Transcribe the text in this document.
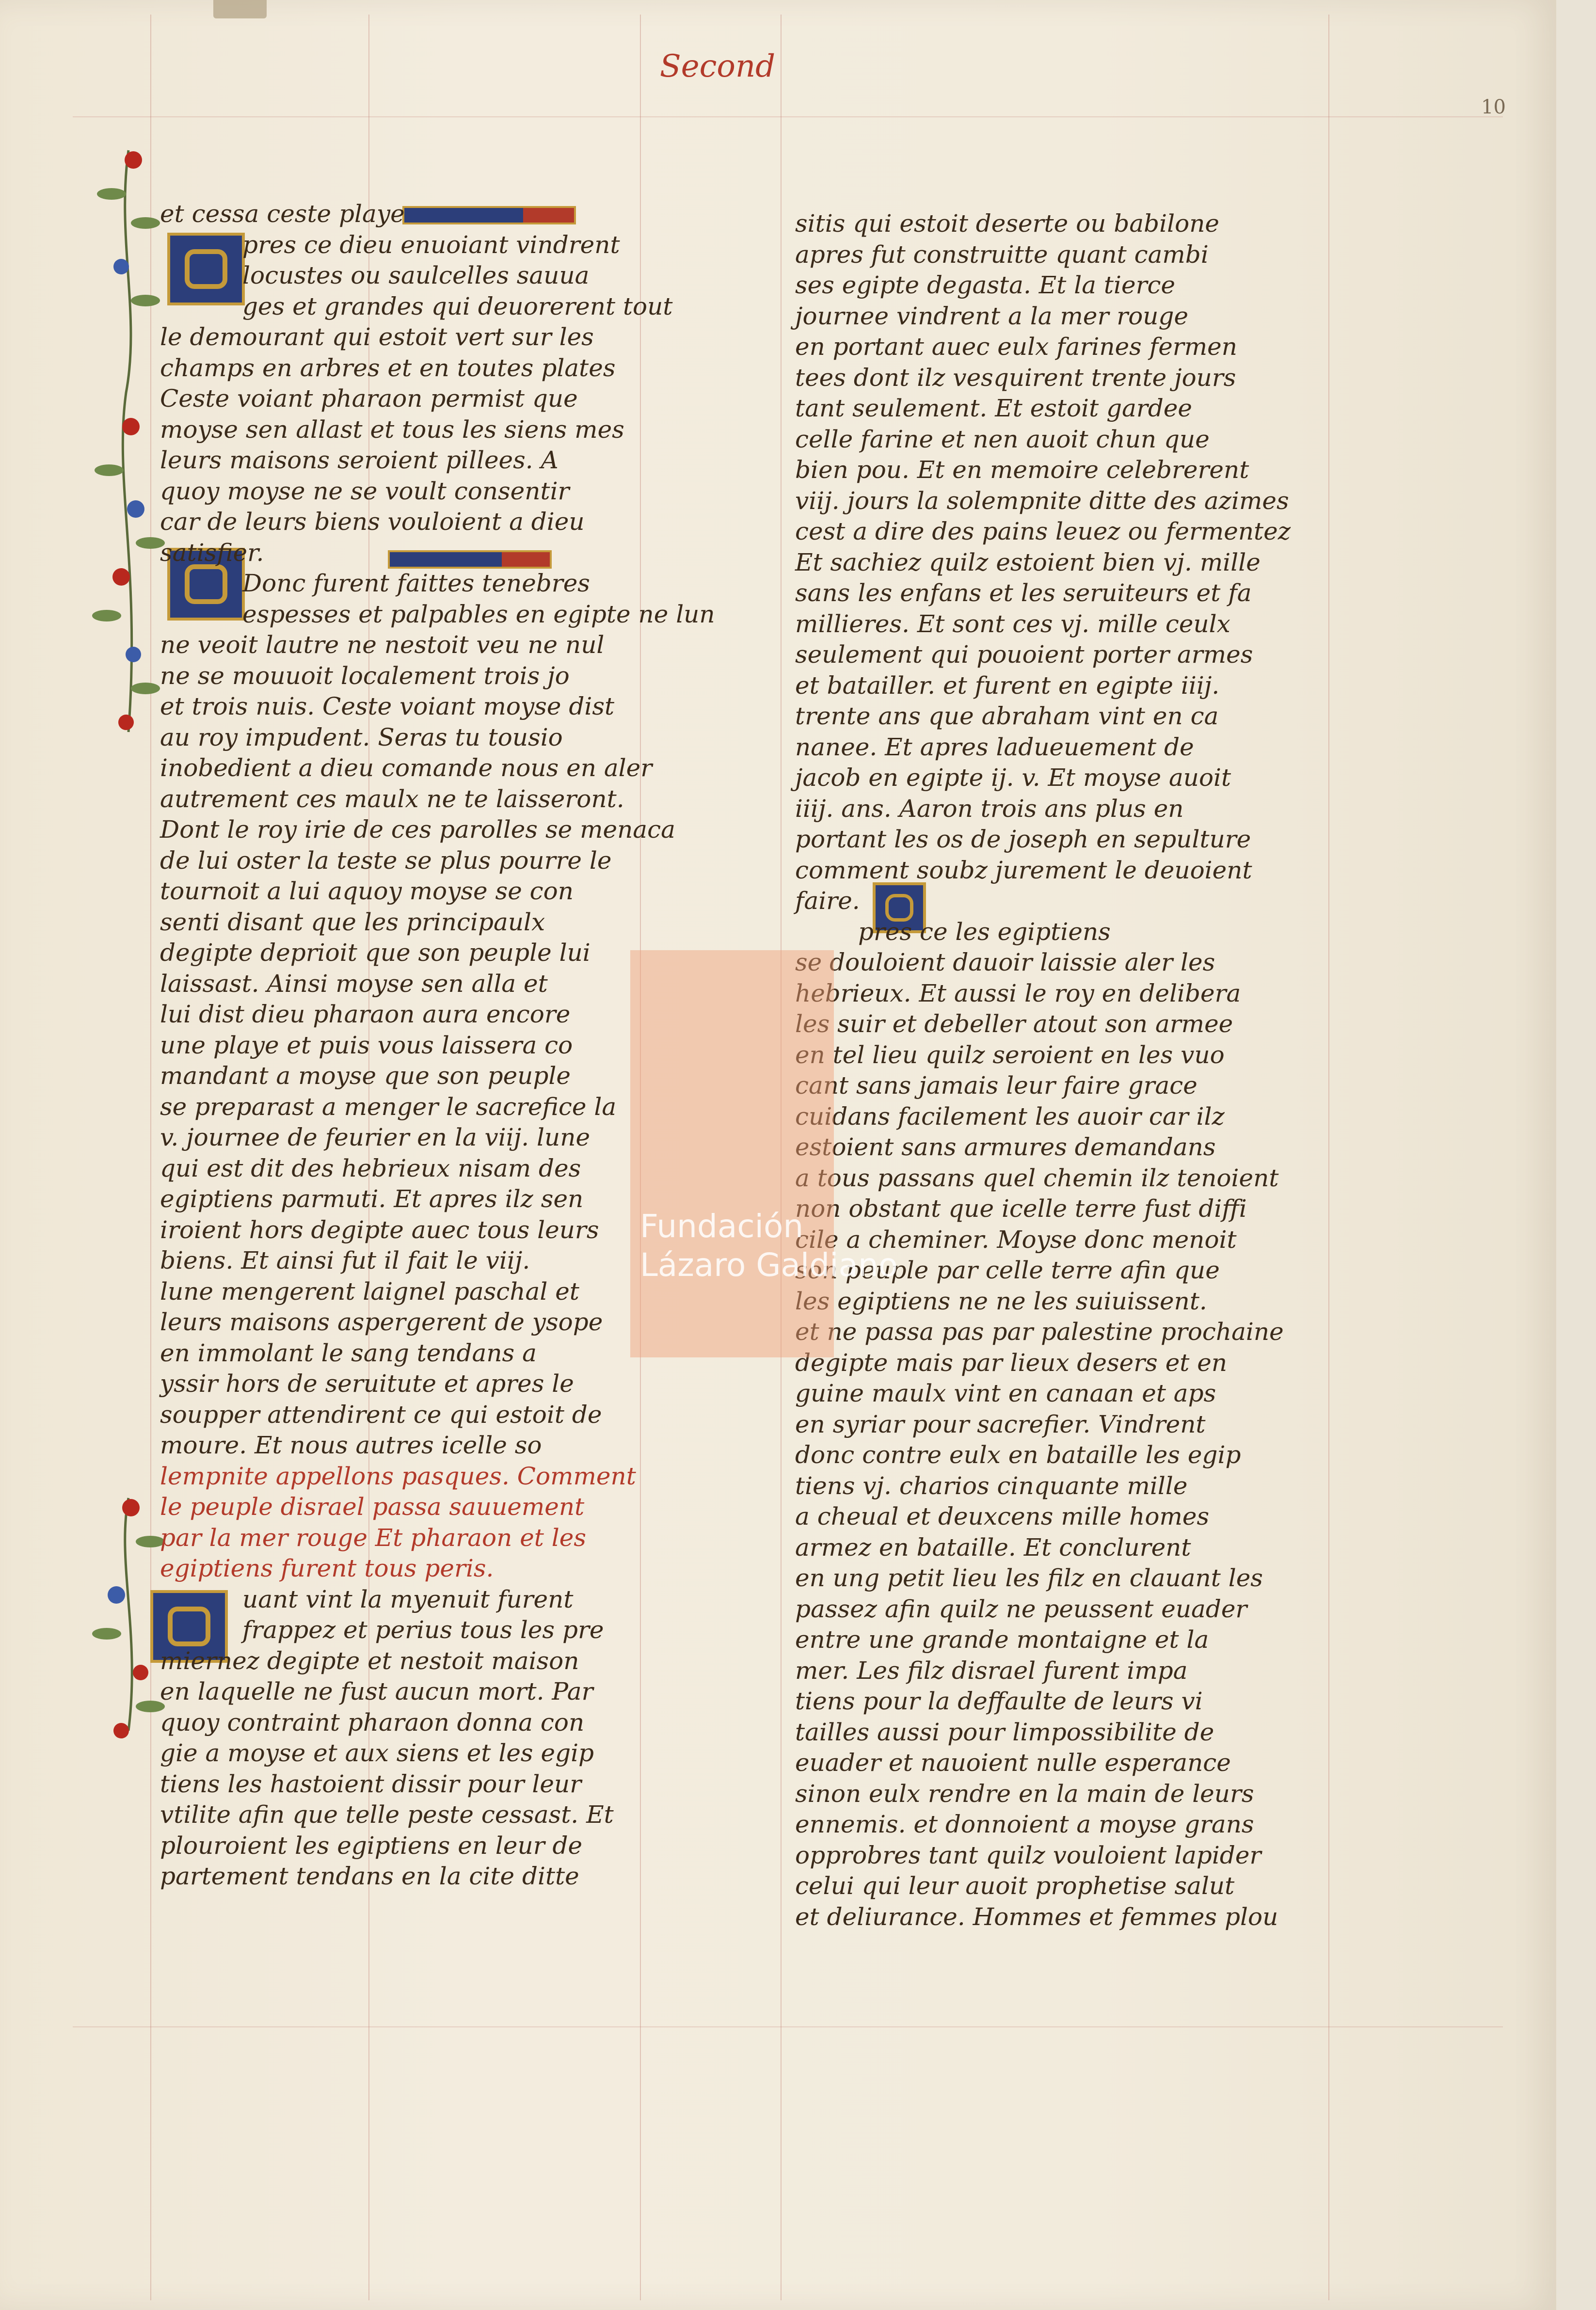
Second
10
et cessa ceste playe
pres ce dieu enuoiant vindrent
locustes ou saulcelles sauua
ges et grandes qui deuorerent tout
le demourant qui estoit vert sur les
champs en arbres et en toutes plates
Ceste voiant pharaon permist que
moyse sen allast et tous les siens mes
leurs maisons seroient pillees. A
quoy moyse ne se voult consentir
car de leurs biens vouloient a dieu
satisfier.
Donc furent faittes tenebres
espesses et palpables en egipte ne lun
ne veoit lautre ne nestoit veu ne nul
ne se mouuoit localement trois jo
et trois nuis. Ceste voiant moyse dist
au roy impudent. Seras tu tousio
inobedient a dieu comande nous en aler
autrement ces maulx ne te laisseront.
Dont le roy irie de ces parolles se menaca
de lui oster la teste se plus pourre le
tournoit a lui aquoy moyse se con
senti disant que les principaulx
degipte deprioit que son peuple lui
laissast. Ainsi moyse sen alla et
lui dist dieu pharaon aura encore
une playe et puis vous laissera co
mandant a moyse que son peuple
se preparast a menger le sacrefice la
v. journee de feurier en la viij. lune
qui est dit des hebrieux nisam des
egiptiens parmuti. Et apres ilz sen
iroient hors degipte auec tous leurs
biens. Et ainsi fut il fait le viij.
lune mengerent laignel paschal et
leurs maisons aspergerent de ysope
en immolant le sang tendans a
yssir hors de seruitute et apres le
soupper attendirent ce qui estoit de
moure. Et nous autres icelle so
lempnite appellons pasques. Comment
le peuple disrael passa sauuement
par la mer rouge Et pharaon et les
egiptiens furent tous peris.
uant vint la myenuit furent
frappez et perius tous les pre
miernez degipte et nestoit maison
en laquelle ne fust aucun mort. Par
quoy contraint pharaon donna con
gie a moyse et aux siens et les egip
tiens les hastoient dissir pour leur
vtilite afin que telle peste cessast. Et
plouroient les egiptiens en leur de
partement tendans en la cite ditte
sitis qui estoit deserte ou babilone
apres fut construitte quant cambi
ses egipte degasta. Et la tierce
journee vindrent a la mer rouge
en portant auec eulx farines fermen
tees dont ilz vesquirent trente jours
tant seulement. Et estoit gardee
celle farine et nen auoit chun que
bien pou. Et en memoire celebrerent
viij. jours la solempnite ditte des azimes
cest a dire des pains leuez ou fermentez
Et sachiez quilz estoient bien vj. mille
sans les enfans et les seruiteurs et fa
millieres. Et sont ces vj. mille ceulx
seulement qui pouoient porter armes
et batailler. et furent en egipte iiij.
trente ans que abraham vint en ca
nanee. Et apres ladueuement de
jacob en egipte ij. v. Et moyse auoit
iiij. ans. Aaron trois ans plus en
portant les os de joseph en sepulture
comment soubz jurement le deuoient
faire.
pres ce les egiptiens
se douloient dauoir laissie aler les
hebrieux. Et aussi le roy en delibera
les suir et debeller atout son armee
en tel lieu quilz seroient en les vuo
cant sans jamais leur faire grace
cuidans facilement les auoir car ilz
estoient sans armures demandans
a tous passans quel chemin ilz tenoient
non obstant que icelle terre fust diffi
cile a cheminer. Moyse donc menoit
son peuple par celle terre afin que
les egiptiens ne ne les suiuissent.
et ne passa pas par palestine prochaine
degipte mais par lieux desers et en
guine maulx vint en canaan et aps
en syriar pour sacrefier. Vindrent
donc contre eulx en bataille les egip
tiens vj. charios cinquante mille
a cheual et deuxcens mille homes
armez en bataille. Et conclurent
en ung petit lieu les filz en clauant les
passez afin quilz ne peussent euader
entre une grande montaigne et la
mer. Les filz disrael furent impa
tiens pour la deffaulte de leurs vi
tailles aussi pour limpossibilite de
euader et nauoient nulle esperance
sinon eulx rendre en la main de leurs
ennemis. et donnoient a moyse grans
opprobres tant quilz vouloient lapider
celui qui leur auoit prophetise salut
et deliurance. Hommes et femmes plou
Fundación
Lázaro Galdiano
